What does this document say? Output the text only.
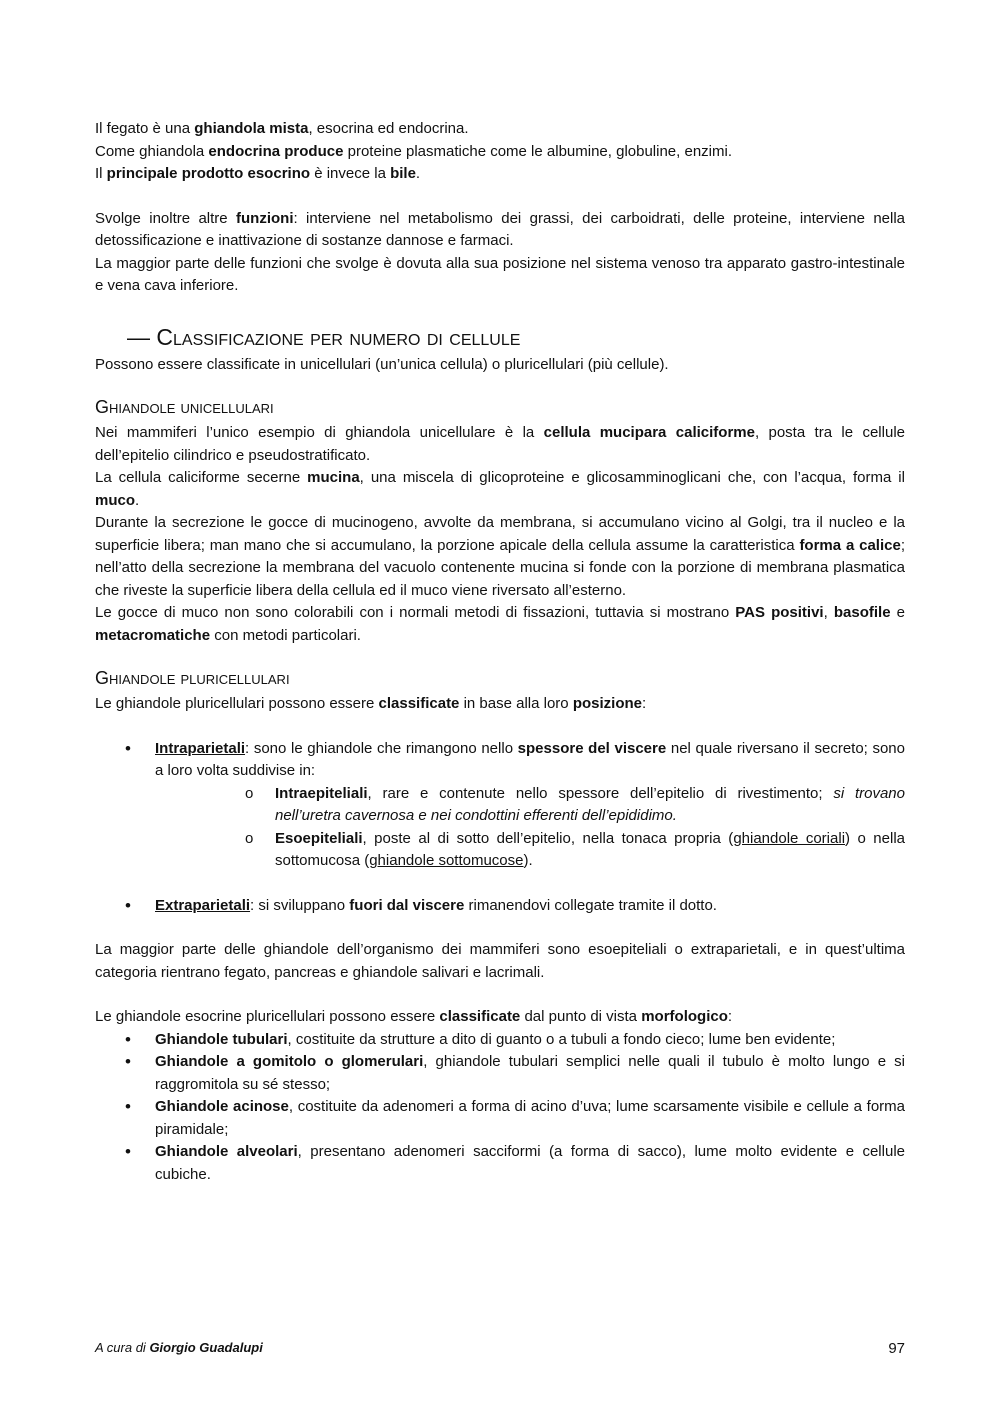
Il fegato è una ghiandola mista, esocrina ed endocrina.

Come ghiandola endocrina produce proteine plasmatiche come le albumine, globuline, enzimi.

Il principale prodotto esocrino è invece la bile.

Svolge inoltre altre funzioni: interviene nel metabolismo dei grassi, dei carboidrati, delle proteine, interviene nella detossificazione e inattivazione di sostanze dannose e farmaci.

La maggior parte delle funzioni che svolge è dovuta alla sua posizione nel sistema venoso tra apparato gastro-intestinale e vena cava inferiore.

— Classificazione per numero di cellule

Possono essere classificate in unicellulari (un’unica cellula) o pluricellulari (più cellule).

Ghiandole unicellulari

Nei mammiferi l’unico esempio di ghiandola unicellulare è la cellula mucipara caliciforme, posta tra le cellule dell’epitelio cilindrico e pseudostratificato.

La cellula caliciforme secerne mucina, una miscela di glicoproteine e glicosamminoglicani che, con l’acqua, forma il muco.

Durante la secrezione le gocce di mucinogeno, avvolte da membrana, si accumulano vicino al Golgi, tra il nucleo e la superficie libera; man mano che si accumulano, la porzione apicale della cellula assume la caratteristica forma a calice; nell’atto della secrezione la membrana del vacuolo contenente mucina si fonde con la porzione di membrana plasmatica che riveste la superficie libera della cellula ed il muco viene riversato all’esterno.

Le gocce di muco non sono colorabili con i normali metodi di fissazioni, tuttavia si mostrano PAS positivi, basofile e metacromatiche con metodi particolari.

Ghiandole pluricellulari

Le ghiandole pluricellulari possono essere classificate in base alla loro posizione:

• Intraparietali: sono le ghiandole che rimangono nello spessore del viscere nel quale riversano il secreto; sono a loro volta suddivise in:
o Intraepiteliali, rare e contenute nello spessore dell’epitelio di rivestimento; si trovano nell’uretra cavernosa e nei condottini efferenti dell’epididimo.
o Esoepiteliali, poste al di sotto dell’epitelio, nella tonaca propria (ghiandole coriali) o nella sottomucosa (ghiandole sottomucose).
• Extraparietali: si sviluppano fuori dal viscere rimanendovi collegate tramite il dotto.

La maggior parte delle ghiandole dell’organismo dei mammiferi sono esoepiteliali o extraparietali, e in quest’ultima categoria rientrano fegato, pancreas e ghiandole salivari e lacrimali.

Le ghiandole esocrine pluricellulari possono essere classificate dal punto di vista morfologico:

• Ghiandole tubulari, costituite da strutture a dito di guanto o a tubuli a fondo cieco; lume ben evidente;
• Ghiandole a gomitolo o glomerulari, ghiandole tubulari semplici nelle quali il tubulo è molto lungo e si raggromitola su sé stesso;
• Ghiandole acinose, costituite da adenomeri a forma di acino d’uva; lume scarsamente visibile e cellule a forma piramidale;
• Ghiandole alveolari, presentano adenomeri sacciformi (a forma di sacco), lume molto evidente e cellule cubiche.
A cura di Giorgio Guadalupi	97
